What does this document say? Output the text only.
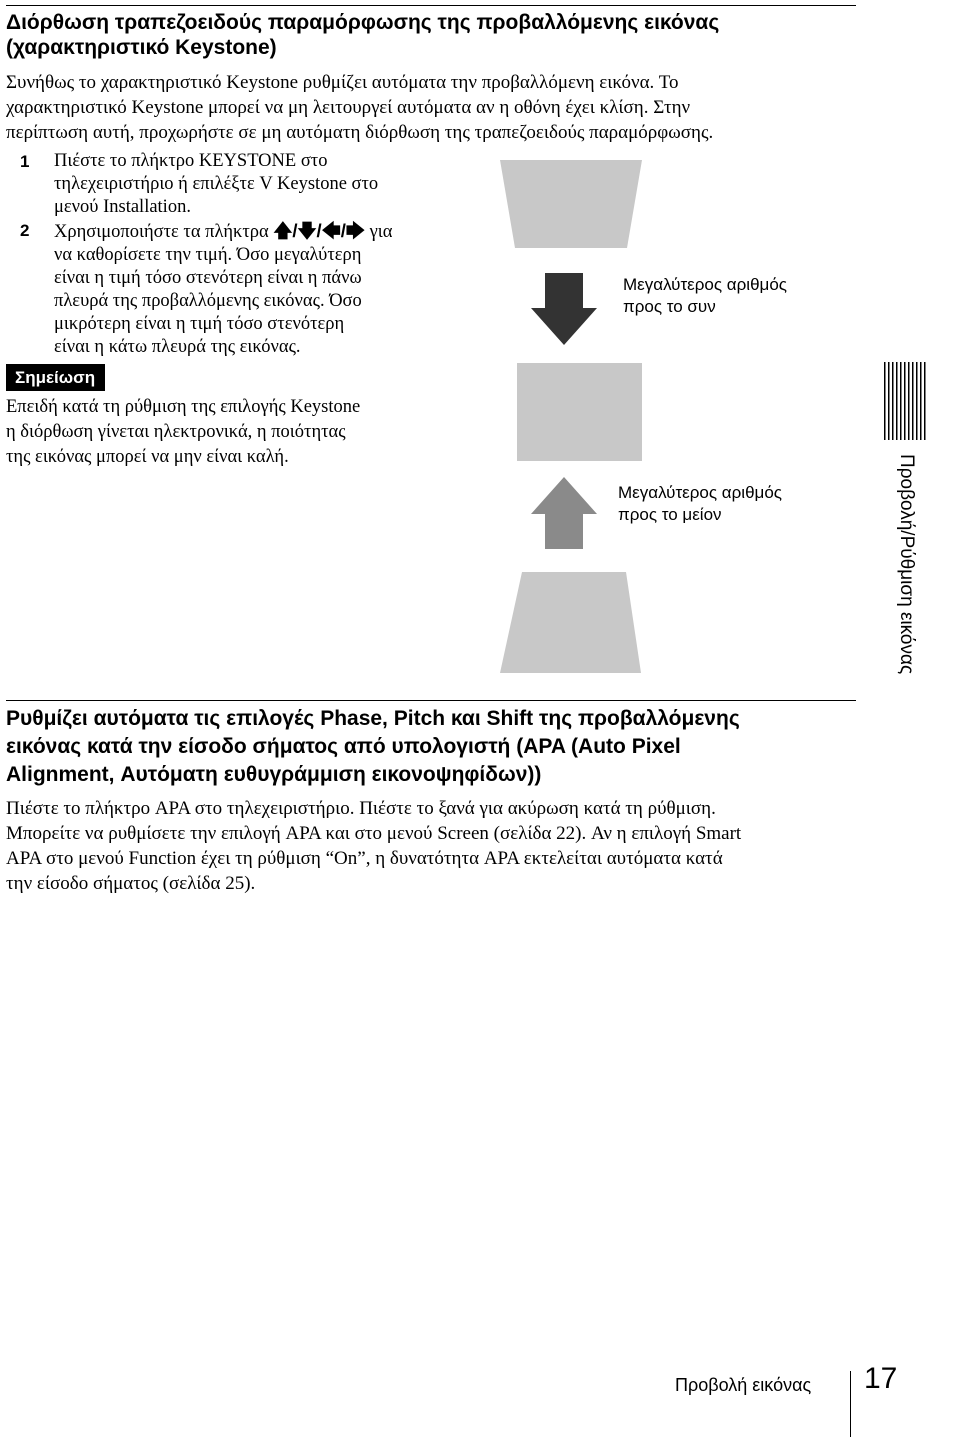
Διόρθωση τραπεζοειδούς παραμόρφωσης της προβαλλόμενης εικόνας
(χαρακτηριστικό Keystone)
Συνήθως το χαρακτηριστικό Keystone ρυθμίζει αυτόματα την προβαλλόμενη εικόνα. Το
χαρακτηριστικό Keystone μπορεί να μη λειτουργεί αυτόματα αν η οθόνη έχει κλίση. Στην
περίπτωση αυτή, προχωρήστε σε μη αυτόματη διόρθωση της τραπεζοειδούς παραμόρφωσης.
1 Πιέστε το πλήκτρο KEYSTONE στο
τηλεχειριστήριο ή επιλέξτε V Keystone στο
μενού Installation.
2 Χρησιμοποιήστε τα πλήκτρα 🡅/🡇/🡄/🡆 για
να καθορίσετε την τιμή. Όσο μεγαλύτερη
είναι η τιμή τόσο στενότερη είναι η πάνω
πλευρά της προβαλλόμενης εικόνας. Όσο
μικρότερη είναι η τιμή τόσο στενότερη
είναι η κάτω πλευρά της εικόνας.
Σημείωση
Επειδή κατά τη ρύθμιση της επιλογής Keystone
η διόρθωση γίνεται ηλεκτρονικά, η ποιότητας
της εικόνας μπορεί να μην είναι καλή.
Μεγαλύτερος αριθμός
προς το συν
Μεγαλύτερος αριθμός
προς το μείον
Ρυθμίζει αυτόματα τις επιλογές Phase, Pitch και Shift της προβαλλόμενης
εικόνας κατά την είσοδο σήματος από υπολογιστή (APA (Auto Pixel
Alignment, Αυτόματη ευθυγράμμιση εικονοψηφίδων))
Πιέστε το πλήκτρο APA στο τηλεχειριστήριο. Πιέστε το ξανά για ακύρωση κατά τη ρύθμιση.
Μπορείτε να ρυθμίσετε την επιλογή APA και στο μενού Screen (σελίδα 22). Αν η επιλογή Smart
APA στο μενού Function έχει τη ρύθμιση “On”, η δυνατότητα APA εκτελείται αυτόματα κατά
την είσοδο σήματος (σελίδα 25).
Προβολή/Ρύθμιση εικόνας
Προβολή εικόνας 17
